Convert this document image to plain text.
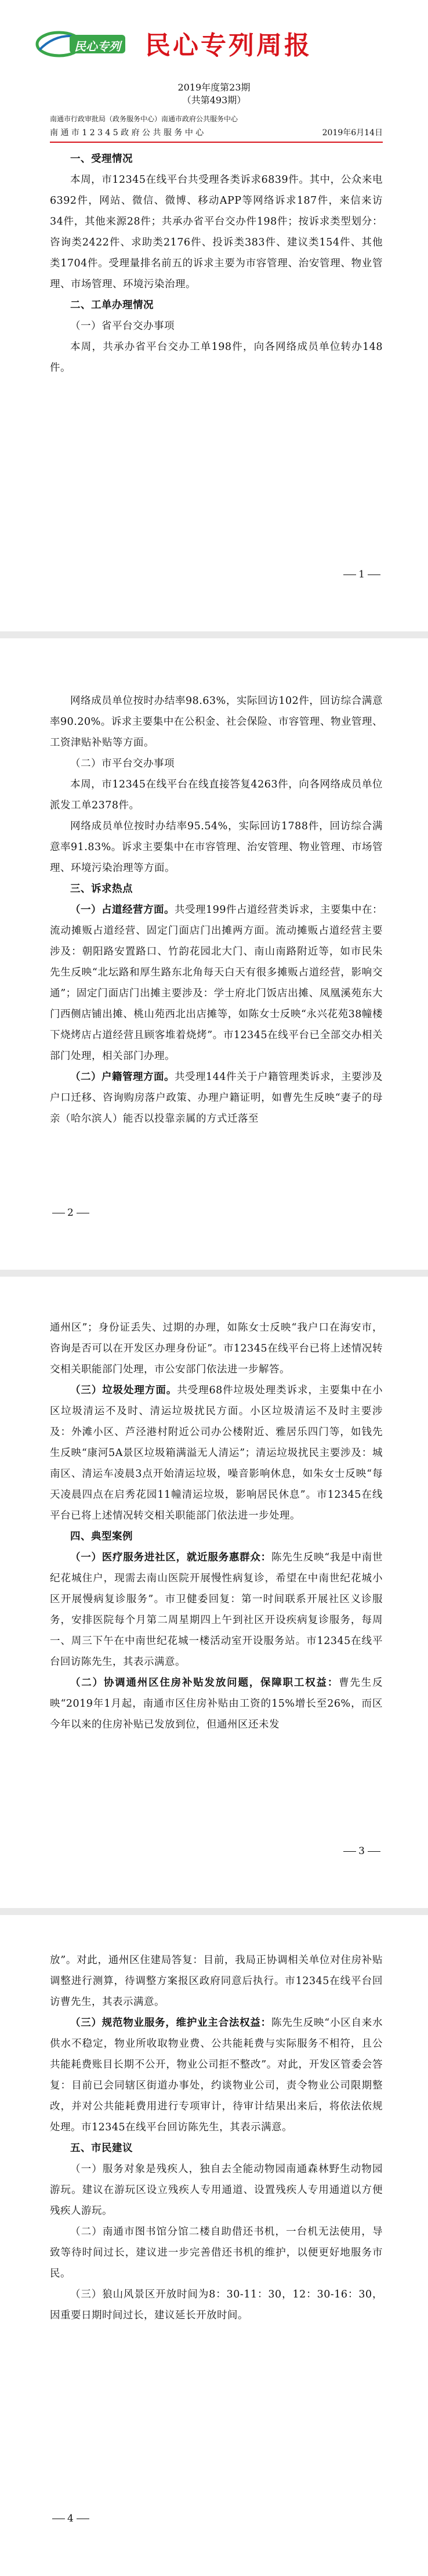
民心专列 民心专列周报
2019年度第23期
（共第493期）
南通市行政审批局（政务服务中心）南通市政府公共服务中心
南 通 市 1 2 3 4 5 政 府 公 共 服 务 中 心	2019年6月14日

一、受理情况

本周，市12345在线平台共受理各类诉求6839件。其中，公众来电6392件，网站、微信、微博、移动APP等网络诉求187件，来信来访34件，其他来源28件；共承办省平台交办件198件；按诉求类型划分：咨询类2422件、求助类2176件、投诉类383件、建议类154件、其他类1704件。受理量排名前五的诉求主要为市容管理、治安管理、物业管理、市场管理、环境污染治理。

二、工单办理情况

（一）省平台交办事项

本周，共承办省平台交办工单198件，向各网络成员单位转办148件。

1

网络成员单位按时办结率98.63%，实际回访102件，回访综合满意率90.20%。诉求主要集中在公积金、社会保险、市容管理、物业管理、工资津贴补贴等方面。

（二）市平台交办事项

本周，市12345在线平台在线直接答复4263件，向各网络成员单位派发工单2378件。

网络成员单位按时办结率95.54%，实际回访1788件，回访综合满意率91.83%。诉求主要集中在市容管理、治安管理、物业管理、市场管理、环境污染治理等方面。

三、诉求热点

（一）占道经营方面。共受理199件占道经营类诉求，主要集中在：流动摊贩占道经营、固定门面店门出摊两方面。流动摊贩占道经营主要涉及：朝阳路安置路口、竹韵花园北大门、南山南路附近等，如市民朱先生反映“北坛路和厚生路东北角每天白天有很多摊贩占道经营，影响交通”；固定门面店门出摊主要涉及：学士府北门饭店出摊、凤凰溪苑东大门西侧店铺出摊、桃山苑西北出店摊等，如陈女士反映“永兴花苑38幢楼下烧烤店占道经营且顾客堆着烧烤”。市12345在线平台已全部交办相关部门处理，相关部门办理。

（二）户籍管理方面。共受理144件关于户籍管理类诉求，主要涉及户口迁移、咨询购房落户政策、办理户籍证明，如曹先生反映“妻子的母亲（哈尔滨人）能否以投靠亲属的方式迁落至

2

通州区”；身份证丢失、过期的办理，如陈女士反映“我户口在海安市，咨询是否可以在开发区办理身份证”。市12345在线平台已将上述情况转交相关职能部门处理，市公安部门依法进一步解答。

（三）垃圾处理方面。共受理68件垃圾处理类诉求，主要集中在小区垃圾清运不及时、清运垃圾扰民方面。小区垃圾清运不及时主要涉及：外滩小区、芦泾港村附近公司办公楼附近、雅居乐四门等，如钱先生反映“康河5A景区垃圾箱满溢无人清运”；清运垃圾扰民主要涉及：城南区、清运车凌晨3点开始清运垃圾，噪音影响休息，如朱女士反映“每天凌晨四点在启秀花园11幢清运垃圾，影响居民休息”。市12345在线平台已将上述情况转交相关职能部门依法进一步处理。

四、典型案例

（一）医疗服务进社区，就近服务惠群众：陈先生反映“我是中南世纪花城住户，现需去南山医院开展慢性病复诊，希望在中南世纪花城小区开展慢病复诊服务”。市卫健委回复：第一时间联系开展社区义诊服务，安排医院每个月第二周星期四上午到社区开设疾病复诊服务，每周一、周三下午在中南世纪花城一楼活动室开设服务站。市12345在线平台回访陈先生，其表示满意。

（二）协调通州区住房补贴发放问题，保障职工权益：曹先生反映“2019年1月起，南通市区住房补贴由工资的15%增长至26%，而区今年以来的住房补贴已发放到位，但通州区还未发

3

放”。对此，通州区住建局答复：目前，我局正协调相关单位对住房补贴调整进行测算，待调整方案报区政府同意后执行。市12345在线平台回访曹先生，其表示满意。

（三）规范物业服务，维护业主合法权益：陈先生反映“小区自来水供水不稳定，物业所收取物业费、公共能耗费与实际服务不相符，且公共能耗费账目长期不公开，物业公司拒不整改”。对此，开发区管委会答复：目前已会同辖区街道办事处，约谈物业公司，责令物业公司限期整改，并对公共能耗费用进行专项审计，待审计结果出来后，将依法依规处理。市12345在线平台回访陈先生，其表示满意。

五、市民建议

（一）服务对象是残疾人，独自去全能动物园南通森林野生动物园游玩。建议在游玩区设立残疾人专用通道、设置残疾人专用通道以方便残疾人游玩。

（二）南通市图书馆分馆二楼自助借还书机，一台机无法使用，导致等待时间过长，建议进一步完善借还书机的维护，以便更好地服务市民。

（三）狼山风景区开放时间为8：30-11：30，12：30-16：30，因重要日期时间过长，建议延长开放时间。

4
